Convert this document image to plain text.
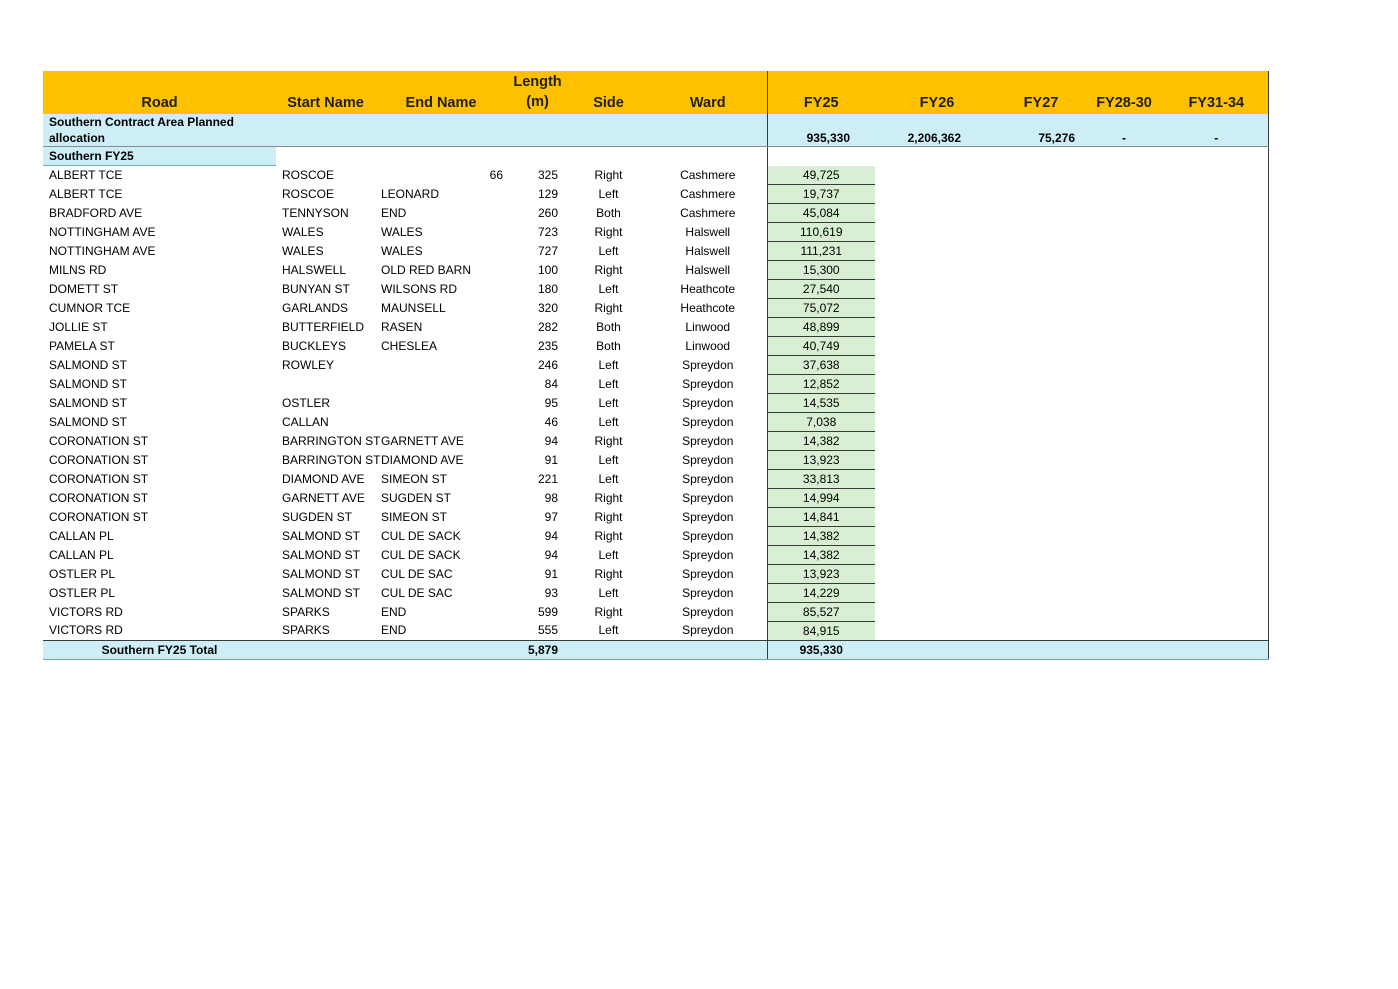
Road	Start Name	End Name		Length
(m)	Side	Ward	FY25	FY26	FY27	FY28-30	FY31-34
Southern Contract Area Planned allocation							935,330	2,206,362	75,276	-	-
Southern FY25											
ALBERT TCE	ROSCOE		66	325	Right	Cashmere	49,725				
ALBERT TCE	ROSCOE	LEONARD		129	Left	Cashmere	19,737				
BRADFORD AVE	TENNYSON	END		260	Both	Cashmere	45,084				
NOTTINGHAM AVE	WALES	WALES		723	Right	Halswell	110,619				
NOTTINGHAM AVE	WALES	WALES		727	Left	Halswell	111,231				
MILNS RD	HALSWELL	OLD RED BARN		100	Right	Halswell	15,300				
DOMETT ST	BUNYAN ST	WILSONS RD		180	Left	Heathcote	27,540				
CUMNOR TCE	GARLANDS	MAUNSELL		320	Right	Heathcote	75,072				
JOLLIE ST	BUTTERFIELD	RASEN		282	Both	Linwood	48,899				
PAMELA ST	BUCKLEYS	CHESLEA		235	Both	Linwood	40,749				
SALMOND ST	ROWLEY			246	Left	Spreydon	37,638				
SALMOND ST				84	Left	Spreydon	12,852				
SALMOND ST	OSTLER			95	Left	Spreydon	14,535				
SALMOND ST	CALLAN			46	Left	Spreydon	7,038				
CORONATION ST	BARRINGTON ST	GARNETT AVE		94	Right	Spreydon	14,382				
CORONATION ST	BARRINGTON ST	DIAMOND AVE		91	Left	Spreydon	13,923				
CORONATION ST	DIAMOND AVE	SIMEON ST		221	Left	Spreydon	33,813				
CORONATION ST	GARNETT AVE	SUGDEN ST		98	Right	Spreydon	14,994				
CORONATION ST	SUGDEN ST	SIMEON ST		97	Right	Spreydon	14,841				
CALLAN PL	SALMOND ST	CUL DE SACK		94	Right	Spreydon	14,382				
CALLAN PL	SALMOND ST	CUL DE SACK		94	Left	Spreydon	14,382				
OSTLER PL	SALMOND ST	CUL DE SAC		91	Right	Spreydon	13,923				
OSTLER PL	SALMOND ST	CUL DE SAC		93	Left	Spreydon	14,229				
VICTORS RD	SPARKS	END		599	Right	Spreydon	85,527				
VICTORS RD	SPARKS	END		555	Left	Spreydon	84,915				
Southern FY25 Total				5,879			935,330				
